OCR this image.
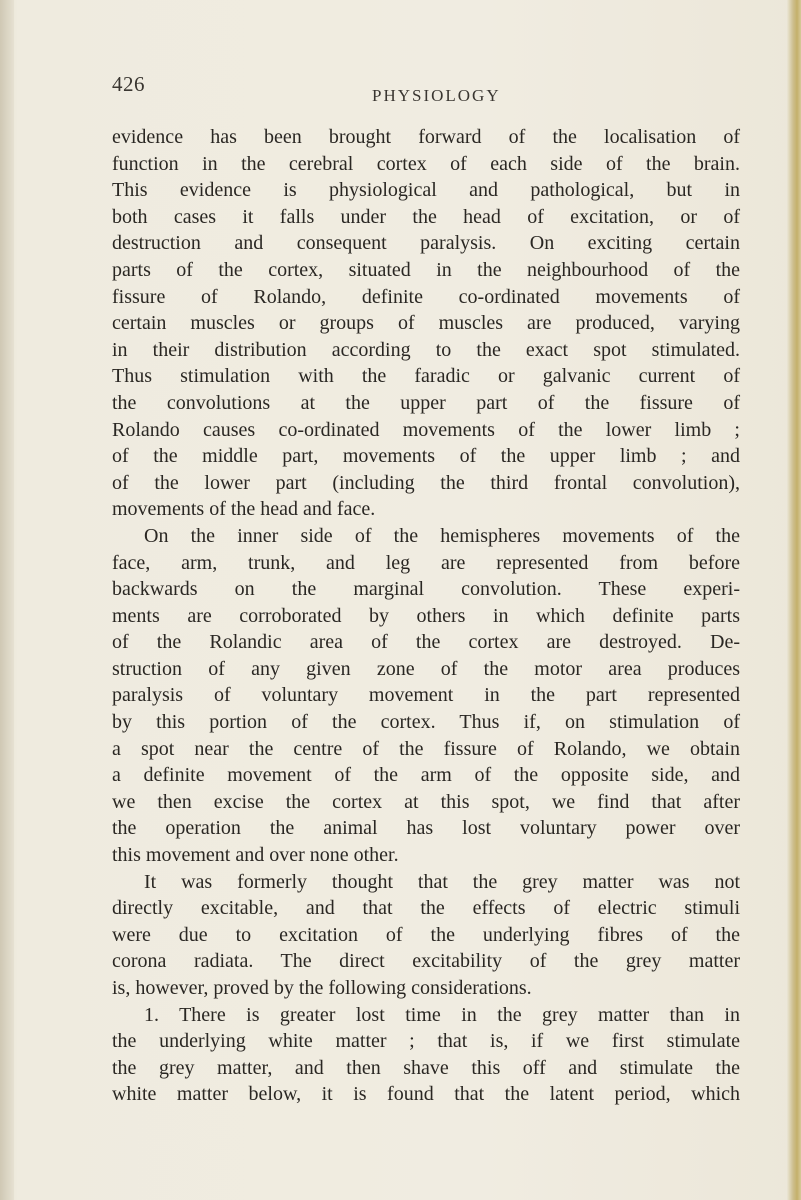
426	PHYSIOLOGY
evidence has been brought forward of the localisation of
function in the cerebral cortex of each side of the brain.
This evidence is physiological and pathological, but in
both cases it falls under the head of excitation, or of
destruction and consequent paralysis. On exciting certain
parts of the cortex, situated in the neighbourhood of the
fissure of Rolando, definite co-ordinated movements of
certain muscles or groups of muscles are produced, varying
in their distribution according to the exact spot stimulated.
Thus stimulation with the faradic or galvanic current of
the convolutions at the upper part of the fissure of
Rolando causes co-ordinated movements of the lower limb ;
of the middle part, movements of the upper limb ; and
of the lower part (including the third frontal convolution),
movements of the head and face.
On the inner side of the hemispheres movements of the
face, arm, trunk, and leg are represented from before
backwards on the marginal convolution. These experi-
ments are corroborated by others in which definite parts
of the Rolandic area of the cortex are destroyed. De-
struction of any given zone of the motor area produces
paralysis of voluntary movement in the part represented
by this portion of the cortex. Thus if, on stimulation of
a spot near the centre of the fissure of Rolando, we obtain
a definite movement of the arm of the opposite side, and
we then excise the cortex at this spot, we find that after
the operation the animal has lost voluntary power over
this movement and over none other.
It was formerly thought that the grey matter was not
directly excitable, and that the effects of electric stimuli
were due to excitation of the underlying fibres of the
corona radiata. The direct excitability of the grey matter
is, however, proved by the following considerations.
1. There is greater lost time in the grey matter than in
the underlying white matter ; that is, if we first stimulate
the grey matter, and then shave this off and stimulate the
white matter below, it is found that the latent period, which
